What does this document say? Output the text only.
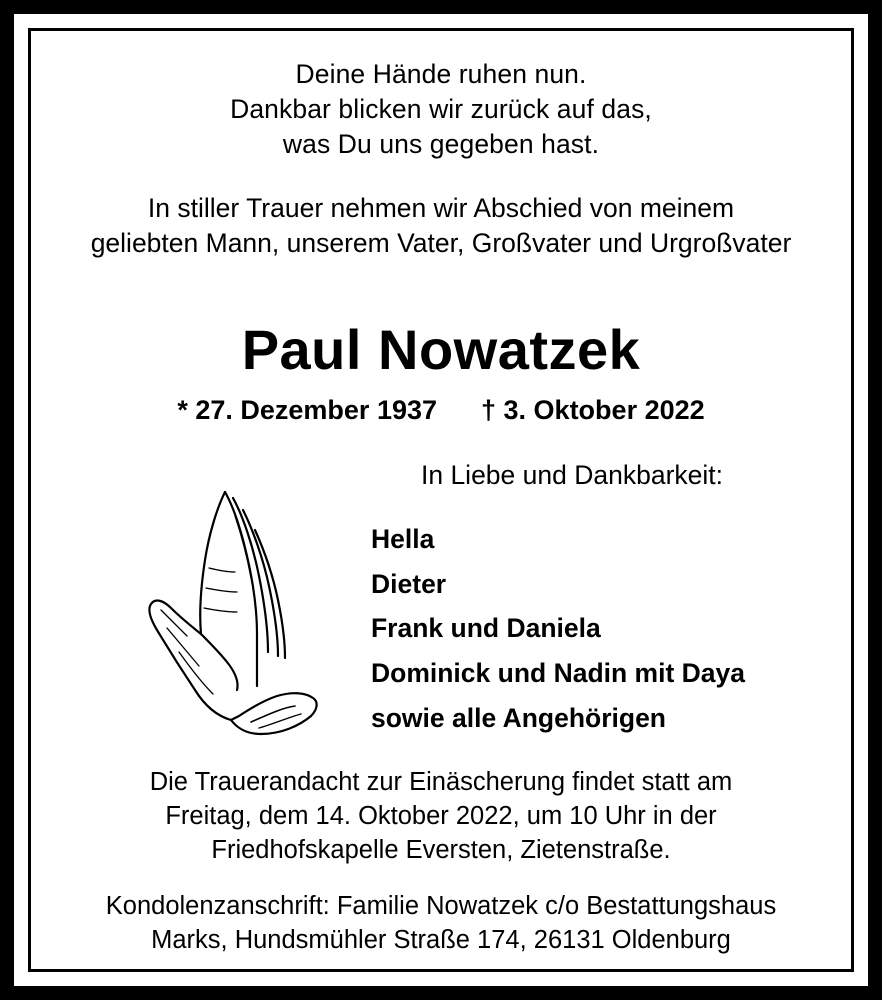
Deine Hände ruhen nun.
Dankbar blicken wir zurück auf das,
was Du uns gegeben hast.
In stiller Trauer nehmen wir Abschied von meinem
geliebten Mann, unserem Vater, Großvater und Urgroßvater
Paul Nowatzek
* 27. Dezember 1937 † 3. Oktober 2022
In Liebe und Dankbarkeit:
Hella
Dieter
Frank und Daniela
Dominick und Nadin mit Daya
sowie alle Angehörigen
Die Trauerandacht zur Einäscherung findet statt am
Freitag, dem 14. Oktober 2022, um 10 Uhr in der
Friedhofskapelle Eversten, Zietenstraße.
Kondolenzanschrift: Familie Nowatzek c/o Bestattungshaus
Marks, Hundsmühler Straße 174, 26131 Oldenburg
